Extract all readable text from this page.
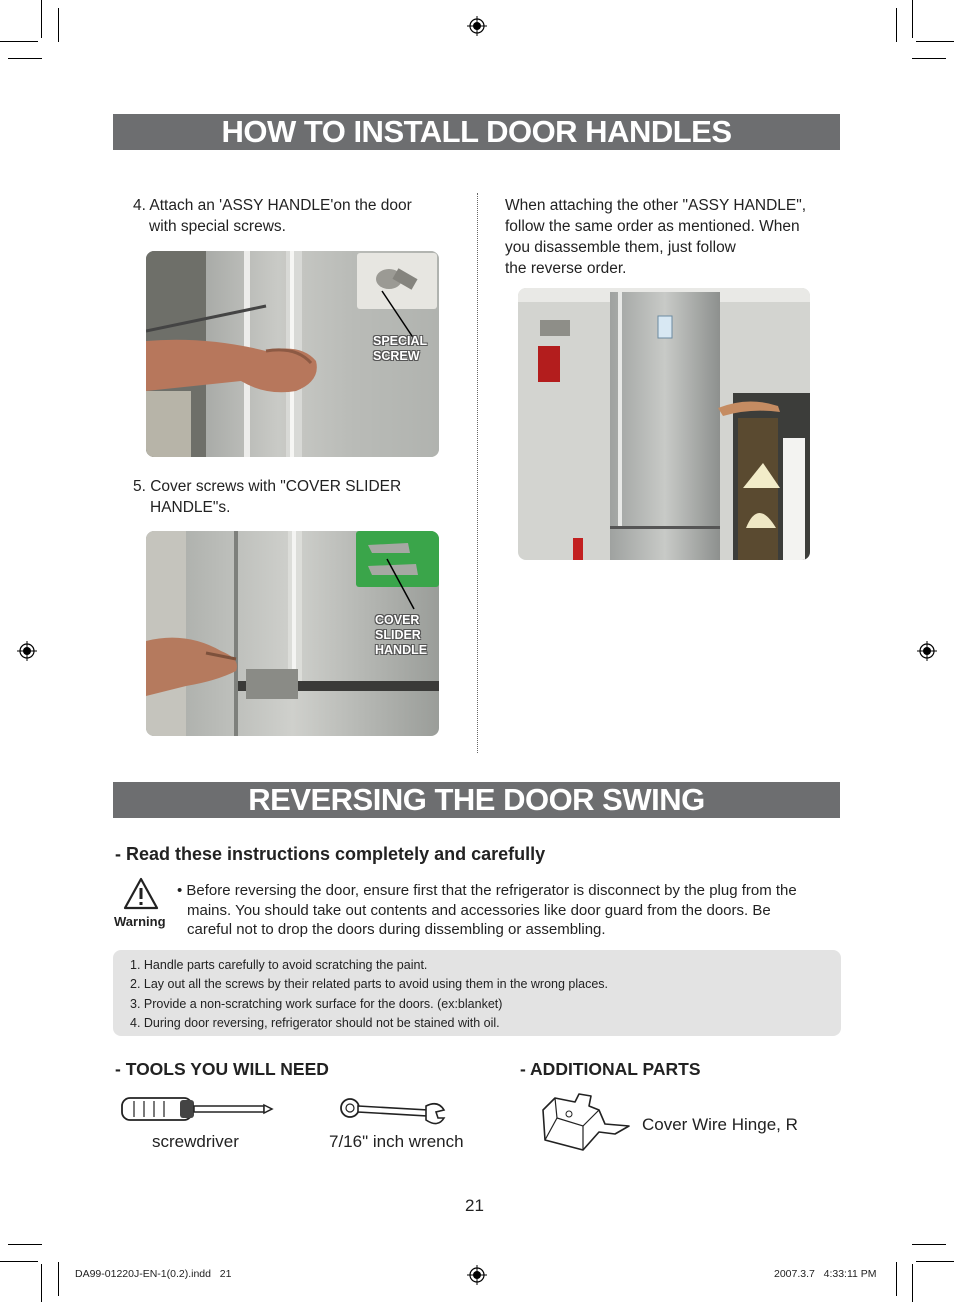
HOW TO INSTALL DOOR HANDLES
4. Attach an 'ASSY HANDLE'on the door
with special screws.
SPECIAL
SCREW
5. Cover screws with "COVER SLIDER
HANDLE"s.
COVER
SLIDER
HANDLE
When attaching the other "ASSY HANDLE",
follow the same order as mentioned. When
you disassemble them, just follow
the reverse order.
REVERSING THE DOOR SWING
- Read these instructions completely and carefully
Warning
• Before reversing the door, ensure first that the refrigerator is disconnect by the plug from the
mains. You should take out contents and accessories like door guard from the doors. Be
careful not to drop the doors during dissembling or assembling.
1. Handle parts carefully to avoid scratching the paint.
2. Lay out all the screws by their related parts to avoid using them in the wrong places.
3. Provide a non-scratching work surface for the doors. (ex:blanket)
4. During door reversing, refrigerator should not be stained with oil.
- TOOLS YOU WILL NEED
screwdriver	7/16" inch wrench
- ADDITIONAL PARTS
Cover Wire Hinge, R
21
DA99-01220J-EN-1(0.2).indd   21	2007.3.7   4:33:11 PM
